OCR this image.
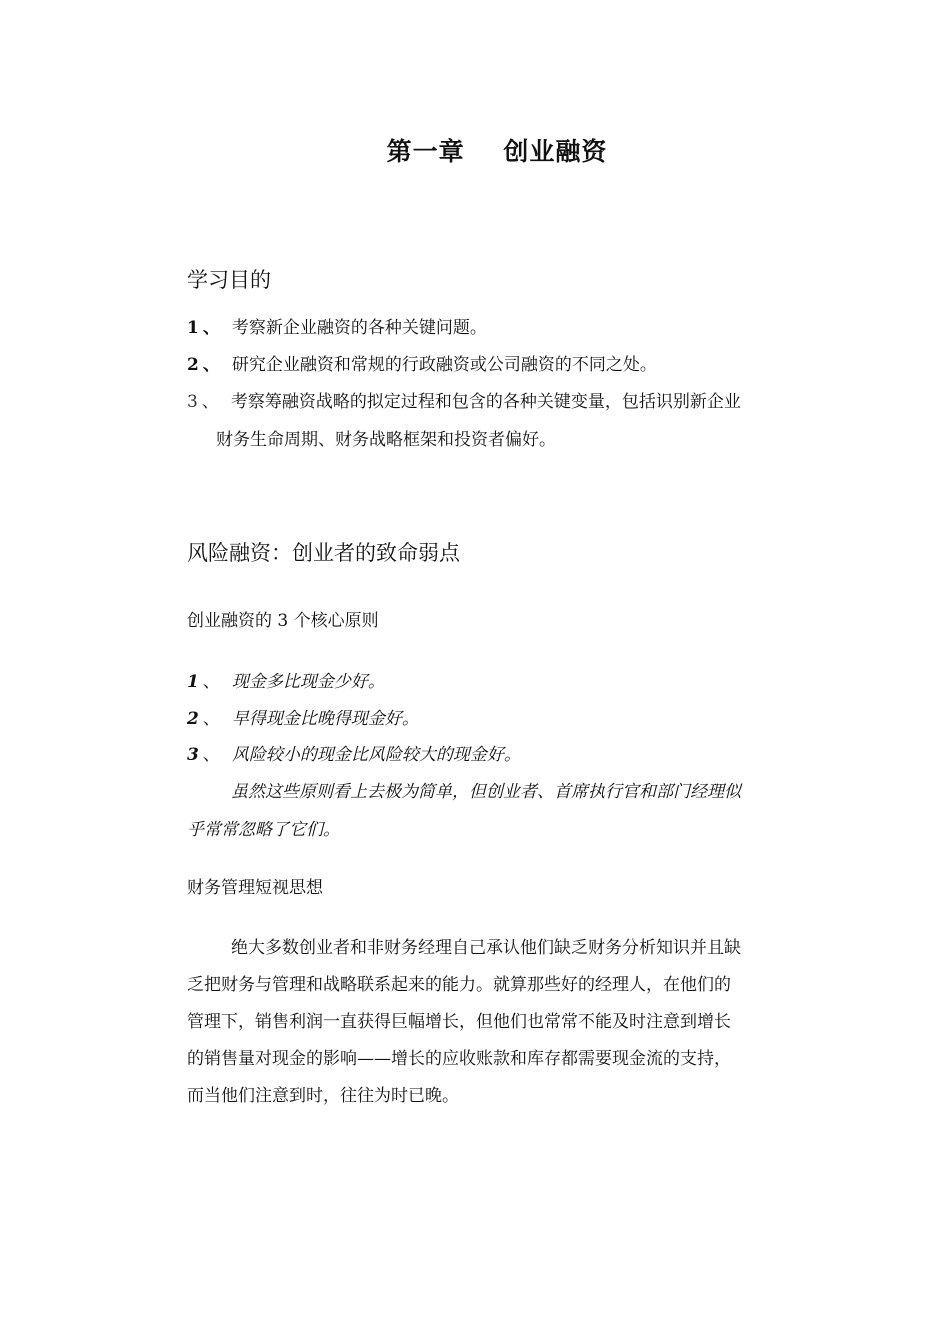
第一章    创业融资
学习目的
1 、 考察新企业融资的各种关键问题。
2 、 研究企业融资和常规的行政融资或公司融资的不同之处。
3 、 考察筹融资战略的拟定过程和包含的各种关键变量，包括识别新企业
财务生命周期、财务战略框架和投资者偏好。
风险融资：创业者的致命弱点
创业融资的 3 个核心原则
1 、 现金多比现金少好。
2 、 早得现金比晚得现金好。
3 、 风险较小的现金比风险较大的现金好。
虽然这些原则看上去极为简单，但创业者、首席执行官和部门经理似
乎常常忽略了它们。
财务管理短视思想
绝大多数创业者和非财务经理自己承认他们缺乏财务分析知识并且缺
乏把财务与管理和战略联系起来的能力。就算那些好的经理人，在他们的
管理下，销售利润一直获得巨幅增长，但他们也常常不能及时注意到增长
的销售量对现金的影响——增长的应收账款和库存都需要现金流的支持，
而当他们注意到时，往往为时已晚。
